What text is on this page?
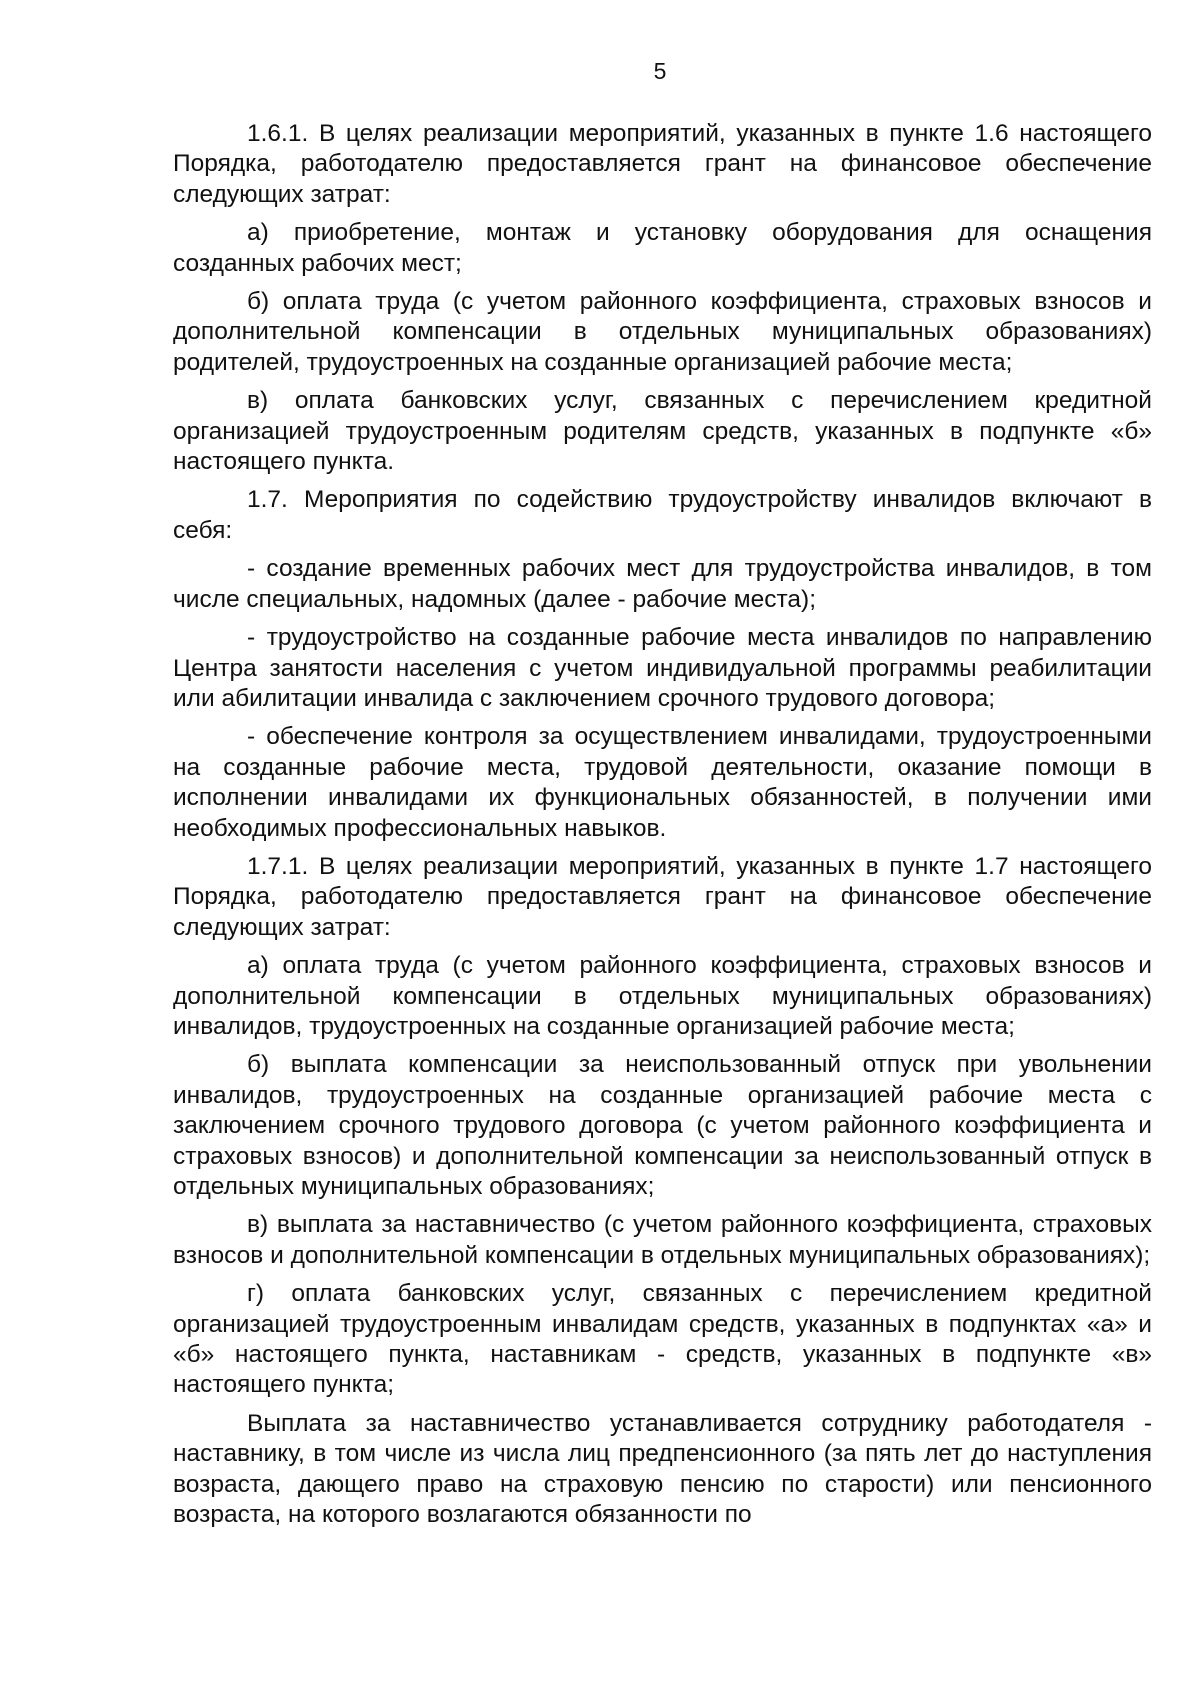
5

1.6.1. В целях реализации мероприятий, указанных в пункте 1.6 настоящего Порядка, работодателю предоставляется грант на финансовое обеспечение следующих затрат:

а) приобретение, монтаж и установку оборудования для оснащения созданных рабочих мест;

б) оплата труда (с учетом районного коэффициента, страховых взносов и дополнительной компенсации в отдельных муниципальных образованиях) родителей, трудоустроенных на созданные организацией рабочие места;

в) оплата банковских услуг, связанных с перечислением кредитной организацией трудоустроенным родителям средств, указанных в подпункте «б» настоящего пункта.

1.7. Мероприятия по содействию трудоустройству инвалидов включают в себя:

- создание временных рабочих мест для трудоустройства инвалидов, в том числе специальных, надомных (далее - рабочие места);

- трудоустройство на созданные рабочие места инвалидов по направлению Центра занятости населения с учетом индивидуальной программы реабилитации или абилитации инвалида с заключением срочного трудового договора;

- обеспечение контроля за осуществлением инвалидами, трудоустроенными на созданные рабочие места, трудовой деятельности, оказание помощи в исполнении инвалидами их функциональных обязанностей, в получении ими необходимых профессиональных навыков.

1.7.1. В целях реализации мероприятий, указанных в пункте 1.7 настоящего Порядка, работодателю предоставляется грант на финансовое обеспечение следующих затрат:

а) оплата труда (с учетом районного коэффициента, страховых взносов и дополнительной компенсации в отдельных муниципальных образованиях) инвалидов, трудоустроенных на созданные организацией рабочие места;

б) выплата компенсации за неиспользованный отпуск при увольнении инвалидов, трудоустроенных на созданные организацией рабочие места с заключением срочного трудового договора (с учетом районного коэффициента и страховых взносов) и дополнительной компенсации за неиспользованный отпуск в отдельных муниципальных образованиях;

в) выплата за наставничество (с учетом районного коэффициента, страховых взносов и дополнительной компенсации в отдельных муниципальных образованиях);

г) оплата банковских услуг, связанных с перечислением кредитной организацией трудоустроенным инвалидам средств, указанных в подпунктах «а» и «б» настоящего пункта, наставникам - средств, указанных в подпункте «в» настоящего пункта;

Выплата за наставничество устанавливается сотруднику работодателя - наставнику, в том числе из числа лиц предпенсионного (за пять лет до наступления возраста, дающего право на страховую пенсию по старости) или пенсионного возраста, на которого возлагаются обязанности по
